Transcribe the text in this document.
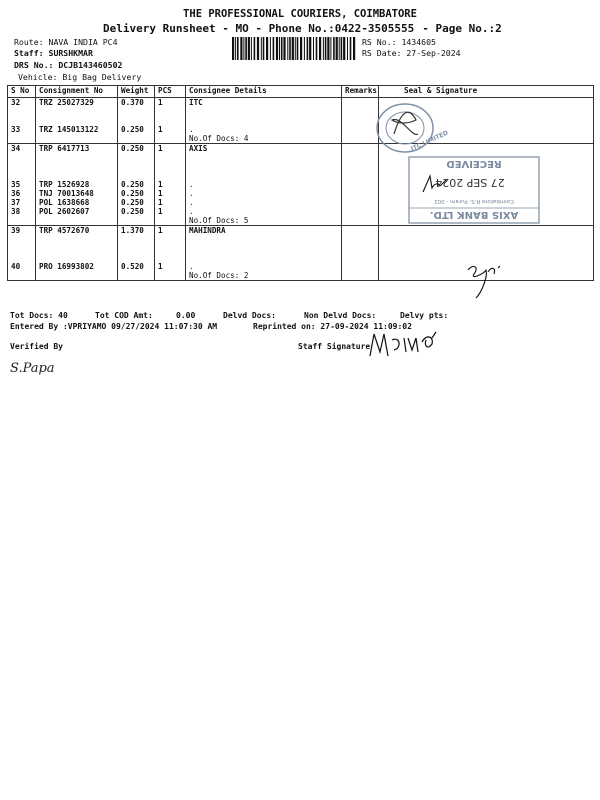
THE PROFESSIONAL COURIERS, COIMBATORE
Delivery Runsheet - MO - Phone No.:0422-3505555 - Page No.:2
Route: NAVA INDIA PC4
Staff: SURSHKMAR
DRS No.: DCJB143460502
Vehicle: Big Bag Delivery
RS No.: 1434605
RS Date: 27-Sep-2024
S No	Consignment No	Weight	PCS	Consignee Details	Remarks	Seal & Signature
32	TRZ 25027329	0.370	1	ITC		

33	TRZ 145013122	0.250	1	.		
				No.Of Docs: 4		
34	TRP 6417713	0.250	1	AXIS		

35	TRP 1526928	0.250	1	.		
36	TNJ 70013648	0.250	1	.		
37	POL 1638668	0.250	1	.		
38	POL 2602607	0.250	1	.		
				No.Of Docs: 5		
39	TRP 4572670	1.370	1	MAHINDRA		

40	PRO 16993802	0.520	1	.		
				No.Of Docs: 2		
ITC LIMITED
AXIS BANK LTD.
Coimbatore R.S. Puram - 002
27 SEP 2024
RECEIVED
Tot Docs: 40	Tot COD Amt:	0.00	Delvd Docs:	Non Delvd Docs:	Delvy pts:
Entered By :VPRIYAMO 09/27/2024 11:07:30 AM	Reprinted on: 27-09-2024 11:09:02
Verified By	Staff Signature
S.Papa
